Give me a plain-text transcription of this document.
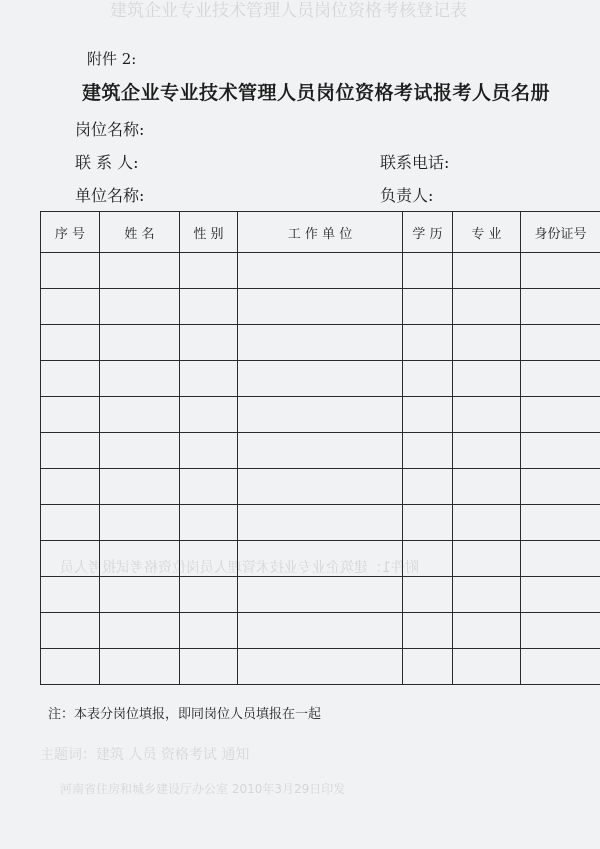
建筑企业专业技术管理人员岗位资格考核登记表
附件1：建筑企业专业技术管理人员岗位资格考试报考人员
主题词：建筑 人员 资格考试 通知
河南省住房和城乡建设厅办公室 2010年3月29日印发
附件 2:
建筑企业专业技术管理人员岗位资格考试报考人员名册
岗位名称:
联 系 人:	联系电话:
单位名称:	负责人:
序 号	姓 名	性 别	工 作 单 位	学 历	专 业	身份证号

注：本表分岗位填报，即同岗位人员填报在一起
